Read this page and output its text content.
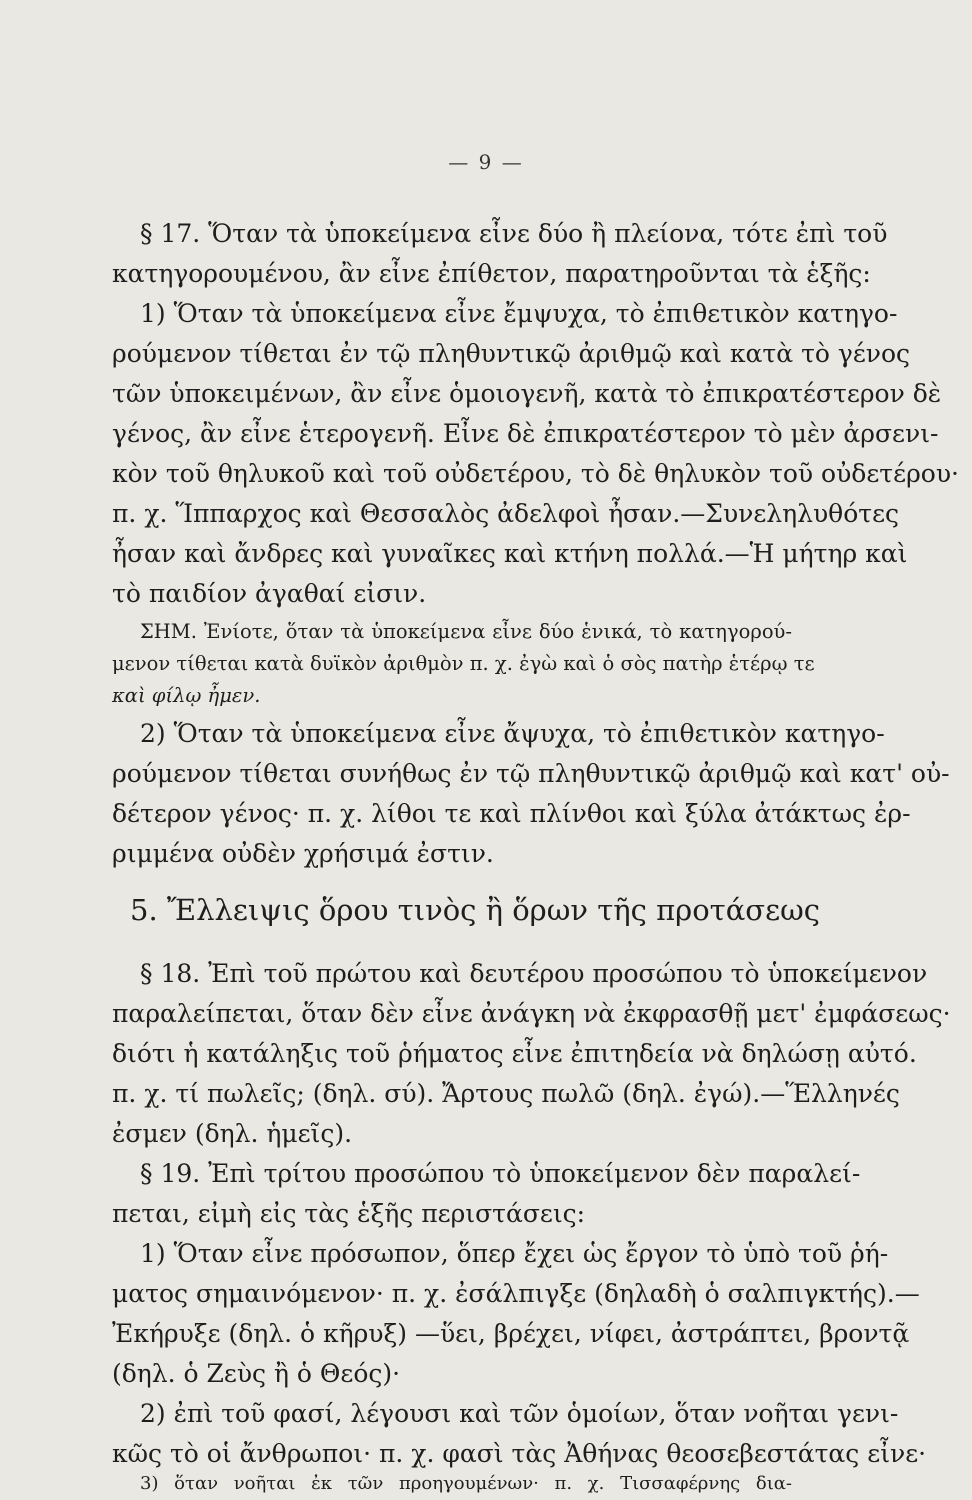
— 9 —
§ 17. Ὅταν τὰ ὑποκείμενα εἶνε δύο ἢ πλείονα, τότε ἐπὶ τοῦ
κατηγορουμένου, ἂν εἶνε ἐπίθετον, παρατηροῦνται τὰ ἑξῆς:
1) Ὅταν τὰ ὑποκείμενα εἶνε ἔμψυχα, τὸ ἐπιθετικὸν κατηγο-
ρούμενον τίθεται ἐν τῷ πληθυντικῷ ἀριθμῷ καὶ κατὰ τὸ γένος
τῶν ὑποκειμένων, ἂν εἶνε ὁμοιογενῆ, κατὰ τὸ ἐπικρατέστερον δὲ
γένος, ἂν εἶνε ἑτερογενῆ. Εἶνε δὲ ἐπικρατέστερον τὸ μὲν ἀρσενι-
κὸν τοῦ θηλυκοῦ καὶ τοῦ οὐδετέρου, τὸ δὲ θηλυκὸν τοῦ οὐδετέρου·
π. χ. Ἵππαρχος καὶ Θεσσαλὸς ἀδελφοὶ ἦσαν.—Συνεληλυθότες
ἦσαν καὶ ἄνδρες καὶ γυναῖκες καὶ κτήνη πολλά.—Ἡ μήτηρ καὶ
τὸ παιδίον ἀγαθαί εἰσιν.
ΣΗΜ. Ἐνίοτε, ὅταν τὰ ὑποκείμενα εἶνε δύο ἑνικά, τὸ κατηγορού-
μενον τίθεται κατὰ δυϊκὸν ἀριθμὸν π. χ. ἐγὼ καὶ ὁ σὸς πατὴρ ἑτέρῳ τε
καὶ φίλῳ ἦμεν.
2) Ὅταν τὰ ὑποκείμενα εἶνε ἄψυχα, τὸ ἐπιθετικὸν κατηγο-
ρούμενον τίθεται συνήθως ἐν τῷ πληθυντικῷ ἀριθμῷ καὶ κατ' οὐ-
δέτερον γένος· π. χ. λίθοι τε καὶ πλίνθοι καὶ ξύλα ἀτάκτως ἐρ-
ριμμένα οὐδὲν χρήσιμά ἐστιν.
5. Ἔλλειψις ὅρου τινὸς ἢ ὅρων τῆς προτάσεως
§ 18. Ἐπὶ τοῦ πρώτου καὶ δευτέρου προσώπου τὸ ὑποκείμενον
παραλείπεται, ὅταν δὲν εἶνε ἀνάγκη νὰ ἐκφρασθῇ μετ' ἐμφάσεως·
διότι ἡ κατάληξις τοῦ ῥήματος εἶνε ἐπιτηδεία νὰ δηλώσῃ αὐτό.
π. χ. τί πωλεῖς; (δηλ. σύ). Ἄρτους πωλῶ (δηλ. ἐγώ).—Ἕλληνές
ἐσμεν (δηλ. ἡμεῖς).
§ 19. Ἐπὶ τρίτου προσώπου τὸ ὑποκείμενον δὲν παραλεί-
πεται, εἰμὴ εἰς τὰς ἑξῆς περιστάσεις:
1) Ὅταν εἶνε πρόσωπον, ὅπερ ἔχει ὡς ἔργον τὸ ὑπὸ τοῦ ῥή-
ματος σημαινόμενον· π. χ. ἐσάλπιγξε (δηλαδὴ ὁ σαλπιγκτής).—
Ἐκήρυξε (δηλ. ὁ κῆρυξ) —ὕει, βρέχει, νίφει, ἀστράπτει, βροντᾷ
(δηλ. ὁ Ζεὺς ἢ ὁ Θεός)·
2) ἐπὶ τοῦ φασί, λέγουσι καὶ τῶν ὁμοίων, ὅταν νοῆται γενι-
κῶς τὸ οἱ ἄνθρωποι· π. χ. φασὶ τὰς Ἀθήνας θεοσεβεστάτας εἶνε·
3) ὅταν νοῆται ἐκ τῶν προηγουμένων· π. χ. Τισσαφέρνης δια-
